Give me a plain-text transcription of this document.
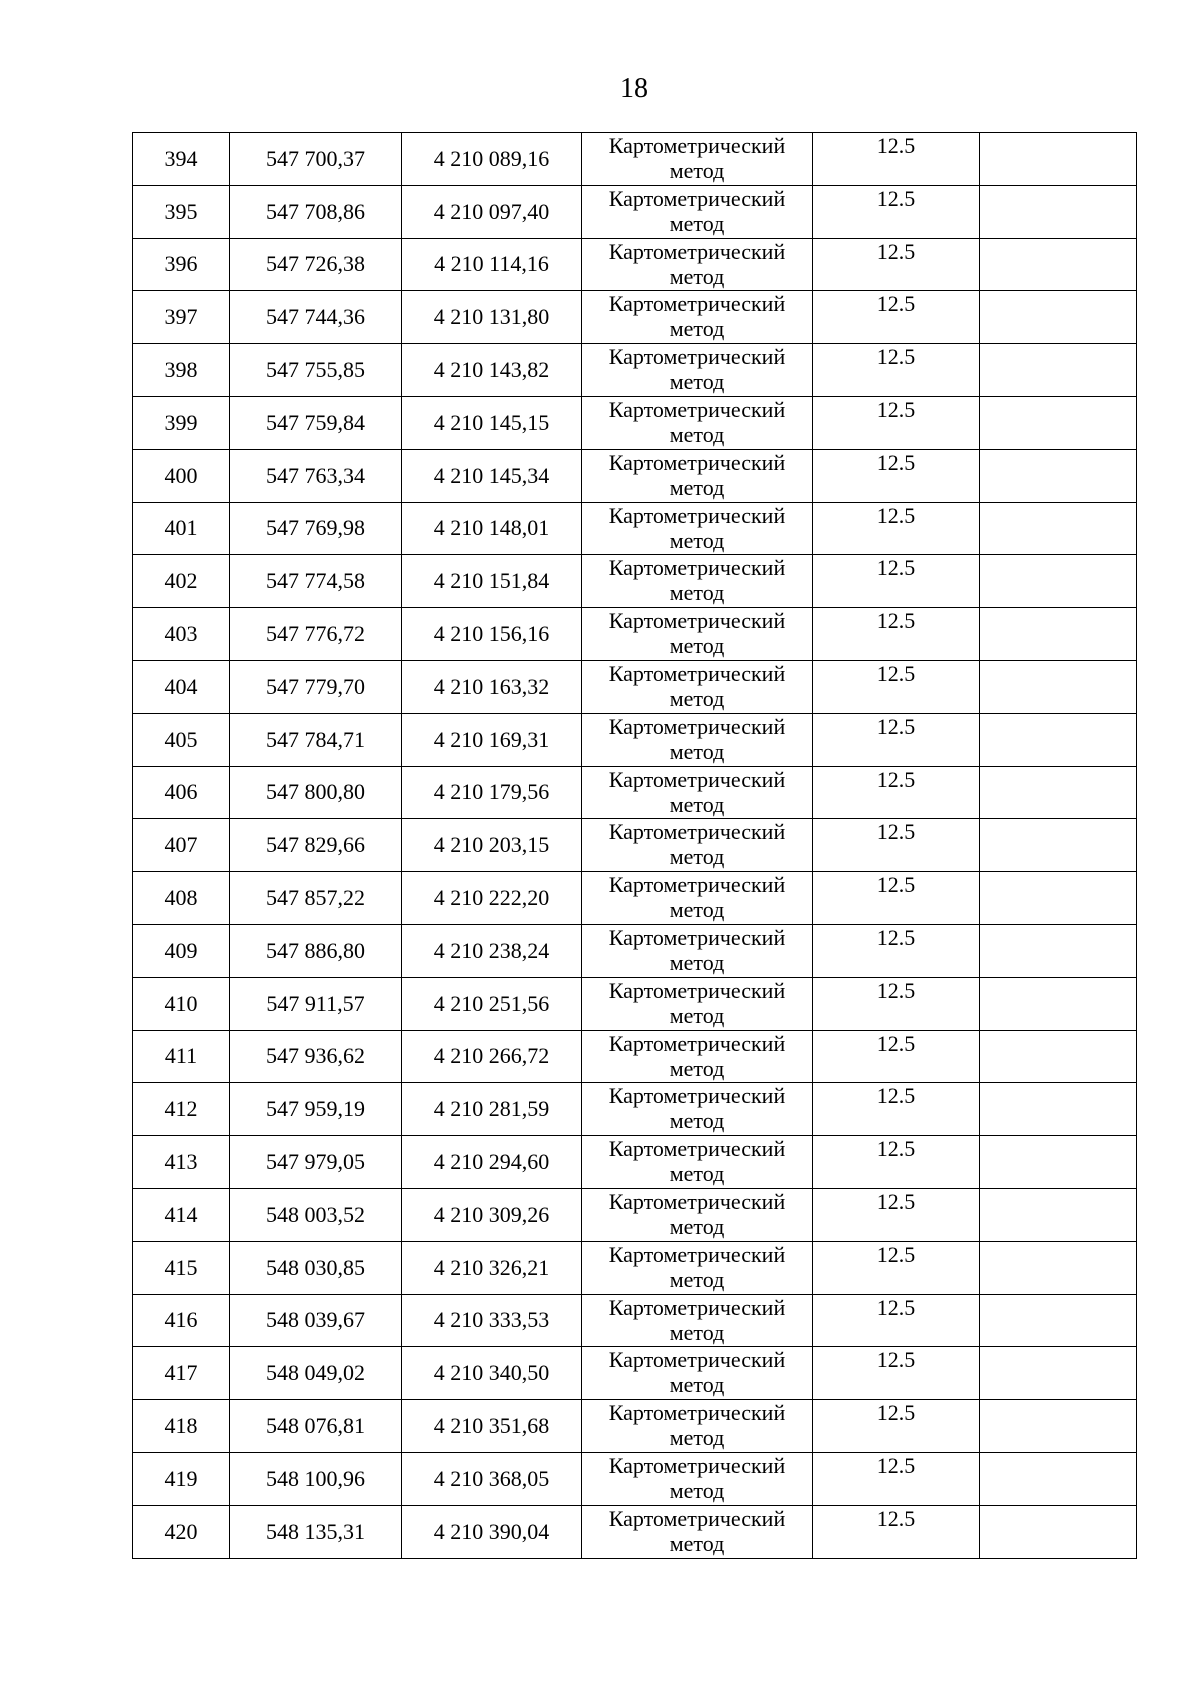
18
394	547 700,37	4 210 089,16	Картометрический метод	12.5	
395	547 708,86	4 210 097,40	Картометрический метод	12.5	
396	547 726,38	4 210 114,16	Картометрический метод	12.5	
397	547 744,36	4 210 131,80	Картометрический метод	12.5	
398	547 755,85	4 210 143,82	Картометрический метод	12.5	
399	547 759,84	4 210 145,15	Картометрический метод	12.5	
400	547 763,34	4 210 145,34	Картометрический метод	12.5	
401	547 769,98	4 210 148,01	Картометрический метод	12.5	
402	547 774,58	4 210 151,84	Картометрический метод	12.5	
403	547 776,72	4 210 156,16	Картометрический метод	12.5	
404	547 779,70	4 210 163,32	Картометрический метод	12.5	
405	547 784,71	4 210 169,31	Картометрический метод	12.5	
406	547 800,80	4 210 179,56	Картометрический метод	12.5	
407	547 829,66	4 210 203,15	Картометрический метод	12.5	
408	547 857,22	4 210 222,20	Картометрический метод	12.5	
409	547 886,80	4 210 238,24	Картометрический метод	12.5	
410	547 911,57	4 210 251,56	Картометрический метод	12.5	
411	547 936,62	4 210 266,72	Картометрический метод	12.5	
412	547 959,19	4 210 281,59	Картометрический метод	12.5	
413	547 979,05	4 210 294,60	Картометрический метод	12.5	
414	548 003,52	4 210 309,26	Картометрический метод	12.5	
415	548 030,85	4 210 326,21	Картометрический метод	12.5	
416	548 039,67	4 210 333,53	Картометрический метод	12.5	
417	548 049,02	4 210 340,50	Картометрический метод	12.5	
418	548 076,81	4 210 351,68	Картометрический метод	12.5	
419	548 100,96	4 210 368,05	Картометрический метод	12.5	
420	548 135,31	4 210 390,04	Картометрический метод	12.5	
